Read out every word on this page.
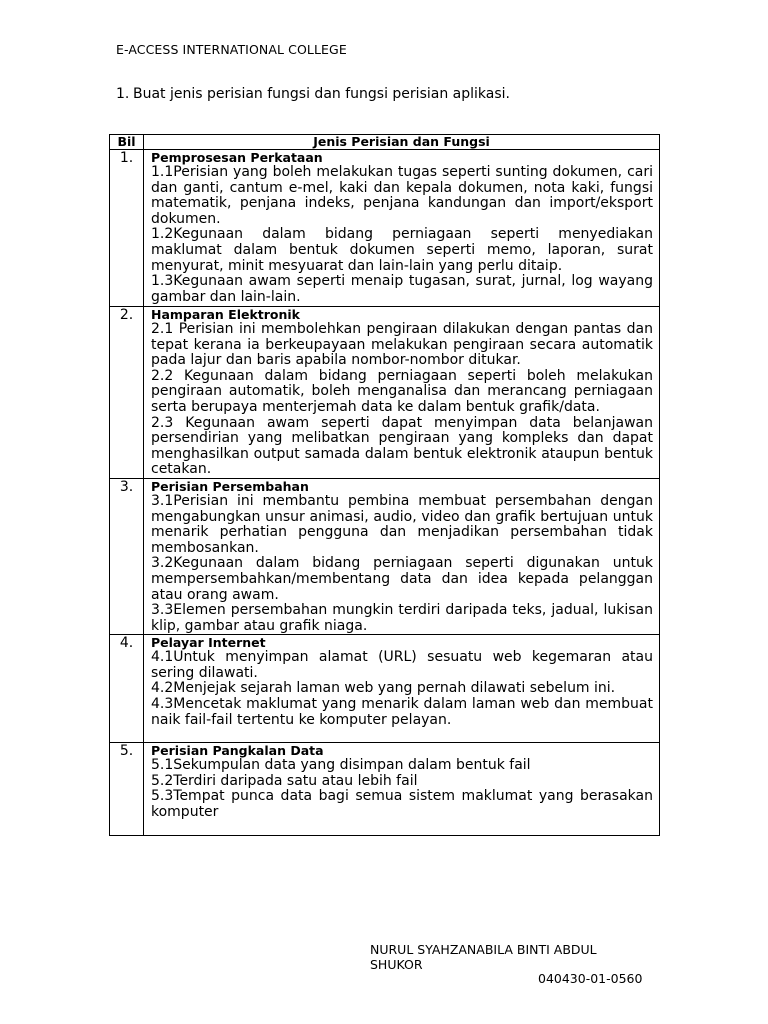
E-ACCESS INTERNATIONAL COLLEGE
1. Buat jenis perisian fungsi dan fungsi perisian aplikasi.
Bil	Jenis Perisian dan Fungsi
1.	Pemprosesan Perkataan
1.1Perisian yang boleh melakukan tugas seperti sunting dokumen, cari dan ganti, cantum e-mel, kaki dan kepala dokumen, nota kaki, fungsi matematik, penjana indeks, penjana kandungan dan import/eksport dokumen.
1.2Kegunaan dalam bidang perniagaan seperti menyediakan maklumat dalam bentuk dokumen seperti memo, laporan, surat menyurat, minit mesyuarat dan lain-lain yang perlu ditaip.
1.3Kegunaan awam seperti menaip tugasan, surat, jurnal, log wayang gambar dan lain-lain.

2.	Hamparan Elektronik
2.1 Perisian ini membolehkan pengiraan dilakukan dengan pantas dan tepat kerana ia berkeupayaan melakukan pengiraan secara automatik pada lajur dan baris apabila nombor-nombor ditukar.
2.2 Kegunaan dalam bidang perniagaan seperti boleh melakukan pengiraan automatik, boleh menganalisa dan merancang perniagaan serta berupaya menterjemah data ke dalam bentuk grafik/data.
2.3 Kegunaan awam seperti dapat menyimpan data belanjawan persendirian yang melibatkan pengiraan yang kompleks dan dapat menghasilkan output samada dalam bentuk elektronik ataupun bentuk cetakan.

3.	Perisian Persembahan
3.1Perisian ini membantu pembina membuat persembahan dengan mengabungkan unsur animasi, audio, video dan grafik bertujuan untuk menarik perhatian pengguna dan menjadikan persembahan tidak membosankan.
3.2Kegunaan dalam bidang perniagaan seperti digunakan untuk mempersembahkan/membentang data dan idea kepada pelanggan atau orang awam.
3.3Elemen persembahan mungkin terdiri daripada teks, jadual, lukisan klip, gambar atau grafik niaga.

4.	Pelayar Internet
4.1Untuk menyimpan alamat (URL) sesuatu web kegemaran atau sering dilawati.
4.2Menjejak sejarah laman web yang pernah dilawati sebelum ini.
4.3Mencetak maklumat yang menarik dalam laman web dan membuat naik fail-fail tertentu ke komputer pelayan.

5.	Perisian Pangkalan Data
5.1Sekumpulan data yang disimpan dalam bentuk fail
5.2Terdiri daripada satu atau lebih fail
5.3Tempat punca data bagi semua sistem maklumat yang berasakan komputer
NURUL SYAHZANABILA BINTI ABDUL SHUKOR
040430-01-0560
